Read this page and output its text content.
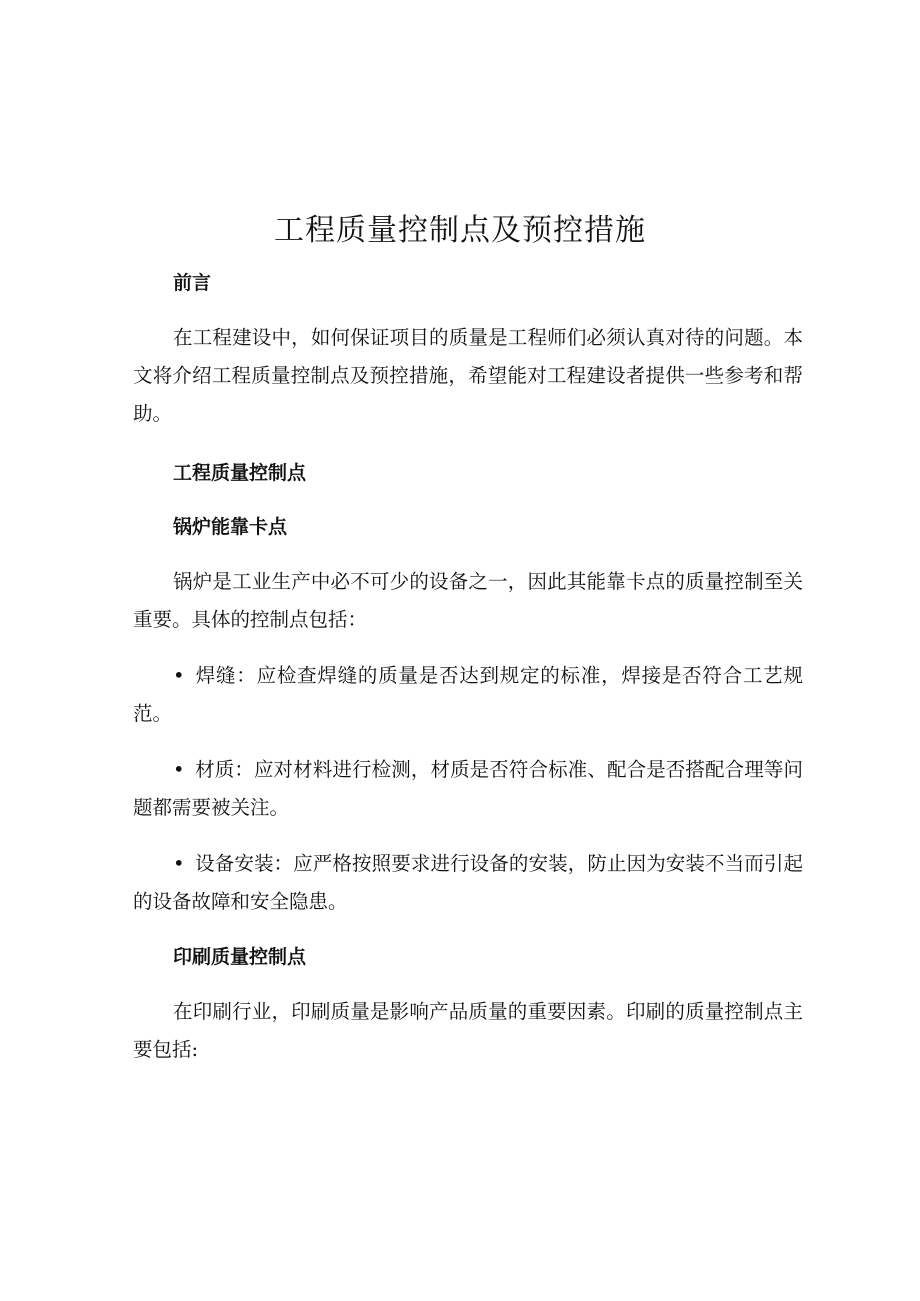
工程质量控制点及预控措施

前言

在工程建设中，如何保证项目的质量是工程师们必须认真对待的问题。本文将介绍工程质量控制点及预控措施，希望能对工程建设者提供一些参考和帮助。

工程质量控制点

锅炉能靠卡点

锅炉是工业生产中必不可少的设备之一，因此其能靠卡点的质量控制至关重要。具体的控制点包括：

• 焊缝：应检查焊缝的质量是否达到规定的标准，焊接是否符合工艺规范。

• 材质：应对材料进行检测，材质是否符合标准、配合是否搭配合理等问题都需要被关注。

• 设备安装：应严格按照要求进行设备的安装，防止因为安装不当而引起的设备故障和安全隐患。

印刷质量控制点

在印刷行业，印刷质量是影响产品质量的重要因素。印刷的质量控制点主要包括:
